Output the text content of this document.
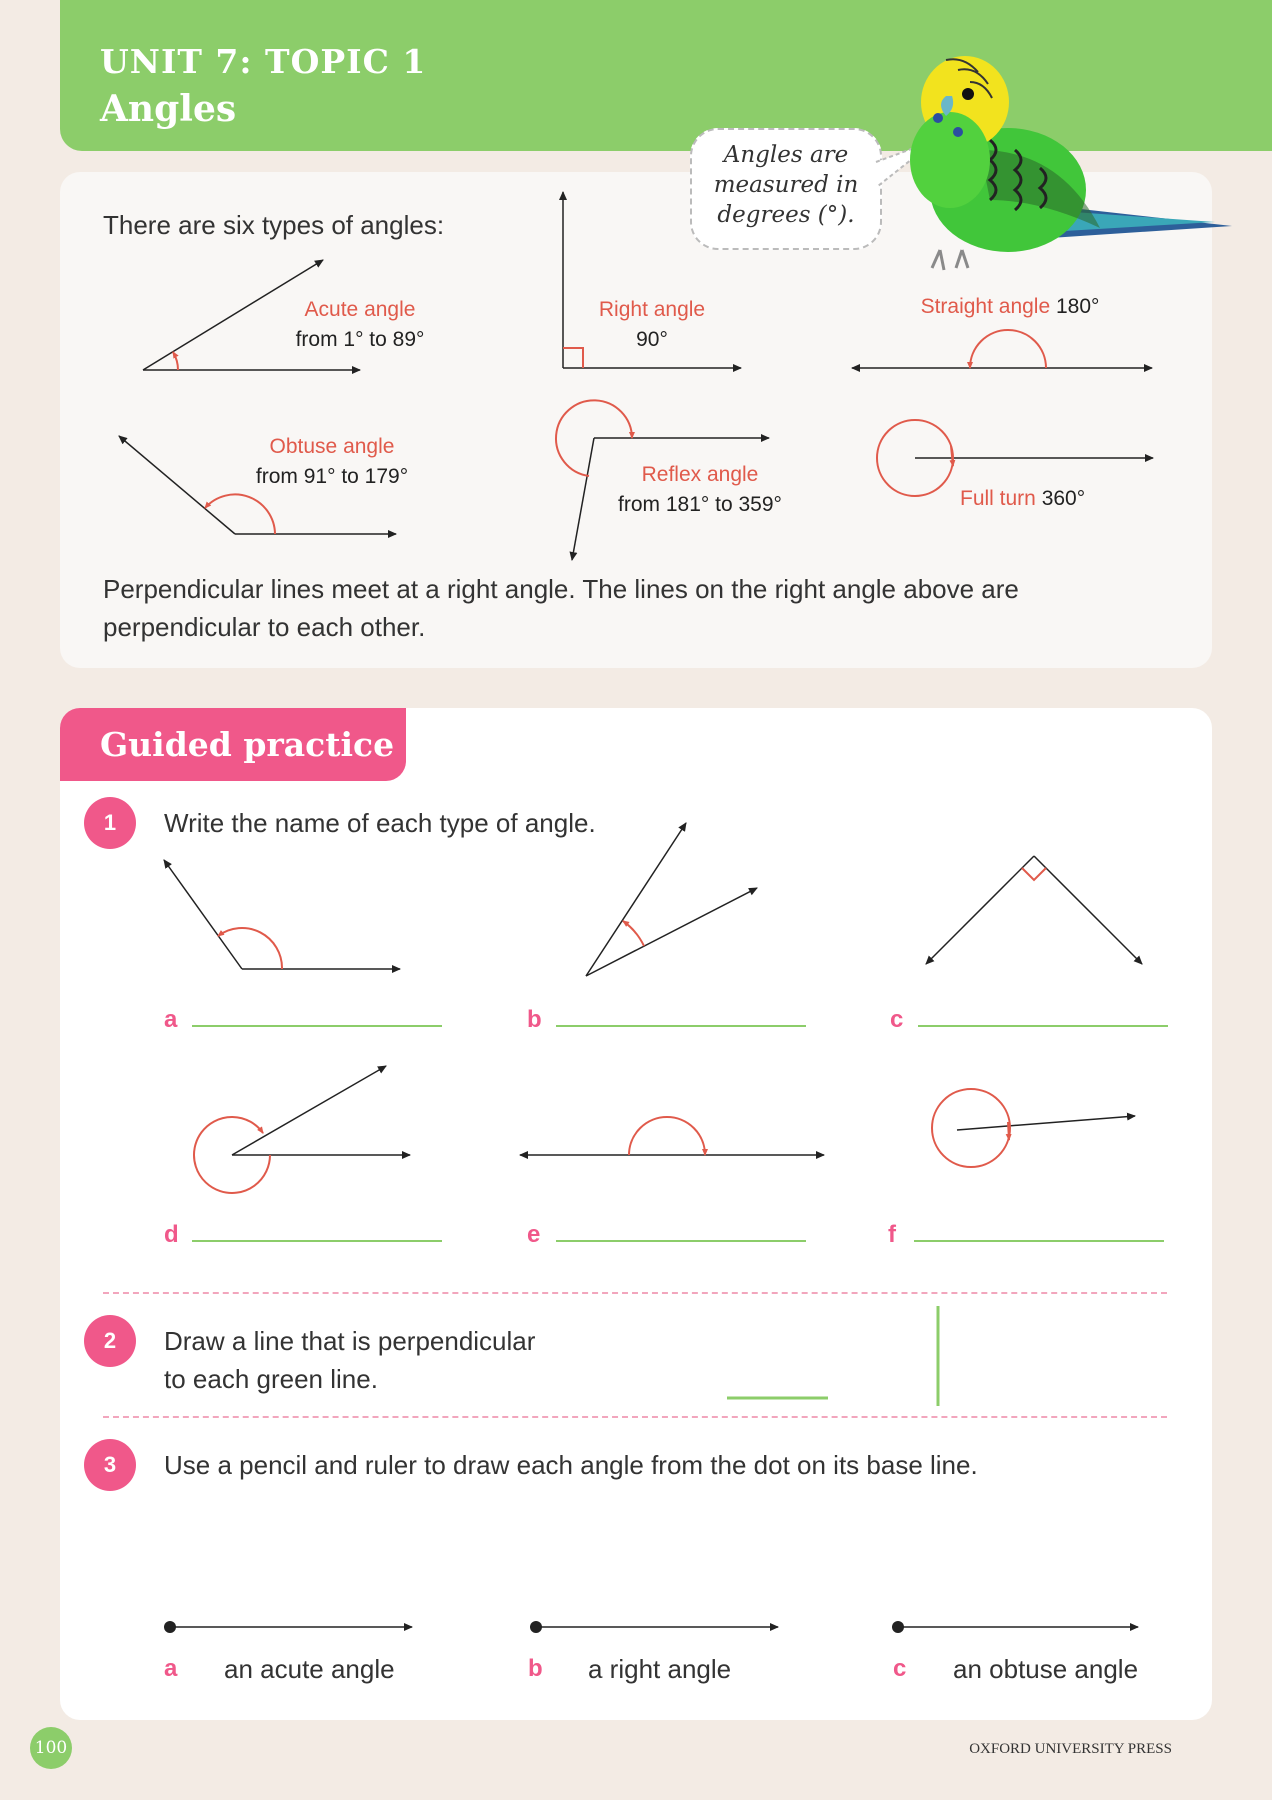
UNIT 7: TOPIC 1
Angles
There are six types of angles:
Acute angle
from 1° to 89°
Right angle
90°
Straight angle 180°
Obtuse angle
from 91° to 179°	Reflex angle
from 181° to 359°	Full turn 360°
Perpendicular lines meet at a right angle. The lines on the right angle above are
perpendicular to each other.
Guided practice
1	Write the name of each type of angle.
a	b	c
d	e	f
2	Draw a line that is perpendicular
to each green line.
3	Use a pencil and ruler to draw each angle from the dot on its base line.
a an acute angle	b a right angle	c an obtuse angle
Angles are
measured in
degrees (°).
100	OXFORD UNIVERSITY PRESS
